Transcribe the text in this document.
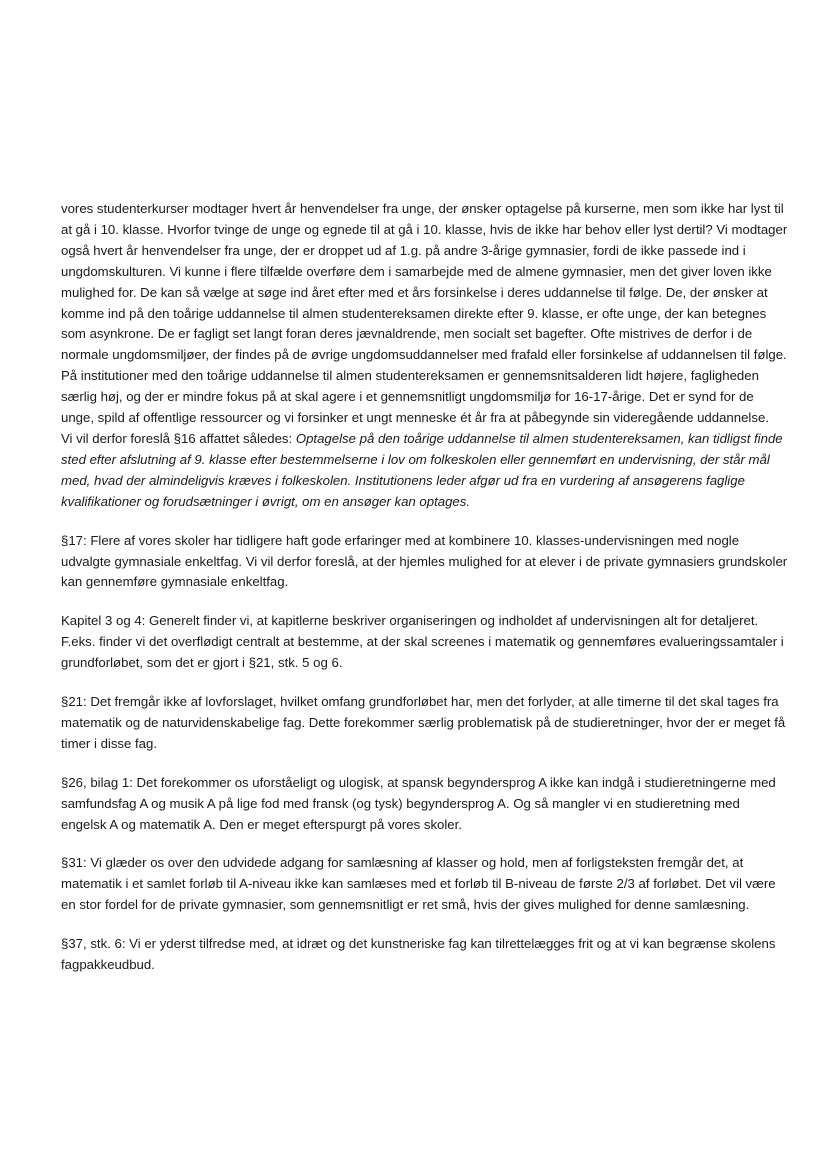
vores studenterkurser modtager hvert år henvendelser fra unge, der ønsker optagelse på kurserne, men som ikke har lyst til at gå i 10. klasse. Hvorfor tvinge de unge og egnede til at gå i 10. klasse, hvis de ikke har behov eller lyst dertil? Vi modtager også hvert år henvendelser fra unge, der er droppet ud af 1.g. på andre 3-årige gymnasier, fordi de ikke passede ind i ungdomskulturen. Vi kunne i flere tilfælde overføre dem i samarbejde med de almene gymnasier, men det giver loven ikke mulighed for. De kan så vælge at søge ind året efter med et års forsinkelse i deres uddannelse til følge. De, der ønsker at komme ind på den toårige uddannelse til almen studentereksamen direkte efter 9. klasse, er ofte unge, der kan betegnes som asynkrone. De er fagligt set langt foran deres jævnaldrende, men socialt set bagefter. Ofte mistrives de derfor i de normale ungdomsmiljøer, der findes på de øvrige ungdomsuddannelser med frafald eller forsinkelse af uddannelsen til følge. På institutioner med den toårige uddannelse til almen studentereksamen er gennemsnitsalderen lidt højere, fagligheden særlig høj, og der er mindre fokus på at skal agere i et gennemsnitligt ungdomsmiljø for 16-17-årige. Det er synd for de unge, spild af offentlige ressourcer og vi forsinker et ungt menneske ét år fra at påbegynde sin videregående uddannelse.

Vi vil derfor foreslå §16 affattet således: Optagelse på den toårige uddannelse til almen studentereksamen, kan tidligst finde sted efter afslutning af 9. klasse efter bestemmelserne i lov om folkeskolen eller gennemført en undervisning, der står mål med, hvad der almindeligvis kræves i folkeskolen. Institutionens leder afgør ud fra en vurdering af ansøgerens faglige kvalifikationer og forudsætninger i øvrigt, om en ansøger kan optages.

§17: Flere af vores skoler har tidligere haft gode erfaringer med at kombinere 10. klasses-undervisningen med nogle udvalgte gymnasiale enkeltfag. Vi vil derfor foreslå, at der hjemles mulighed for at elever i de private gymnasiers grundskoler kan gennemføre gymnasiale enkeltfag.

Kapitel 3 og 4: Generelt finder vi, at kapitlerne beskriver organiseringen og indholdet af undervisningen alt for detaljeret. F.eks. finder vi det overflødigt centralt at bestemme, at der skal screenes i matematik og gennemføres evalueringssamtaler i grundforløbet, som det er gjort i §21, stk. 5 og 6.

§21: Det fremgår ikke af lovforslaget, hvilket omfang grundforløbet har, men det forlyder, at alle timerne til det skal tages fra matematik og de naturvidenskabelige fag. Dette forekommer særlig problematisk på de studieretninger, hvor der er meget få timer i disse fag.

§26, bilag 1: Det forekommer os uforståeligt og ulogisk, at spansk begyndersprog A ikke kan indgå i studieretningerne med samfundsfag A og musik A på lige fod med fransk (og tysk) begyndersprog A. Og så mangler vi en studieretning med engelsk A og matematik A. Den er meget efterspurgt på vores skoler.

§31: Vi glæder os over den udvidede adgang for samlæsning af klasser og hold, men af forligsteksten fremgår det, at matematik i et samlet forløb til A-niveau ikke kan samlæses med et forløb til B-niveau de første 2/3 af forløbet. Det vil være en stor fordel for de private gymnasier, som gennemsnitligt er ret små, hvis der gives mulighed for denne samlæsning.

§37, stk. 6: Vi er yderst tilfredse med, at idræt og det kunstneriske fag kan tilrettelægges frit og at vi kan begrænse skolens fagpakkeudbud.
